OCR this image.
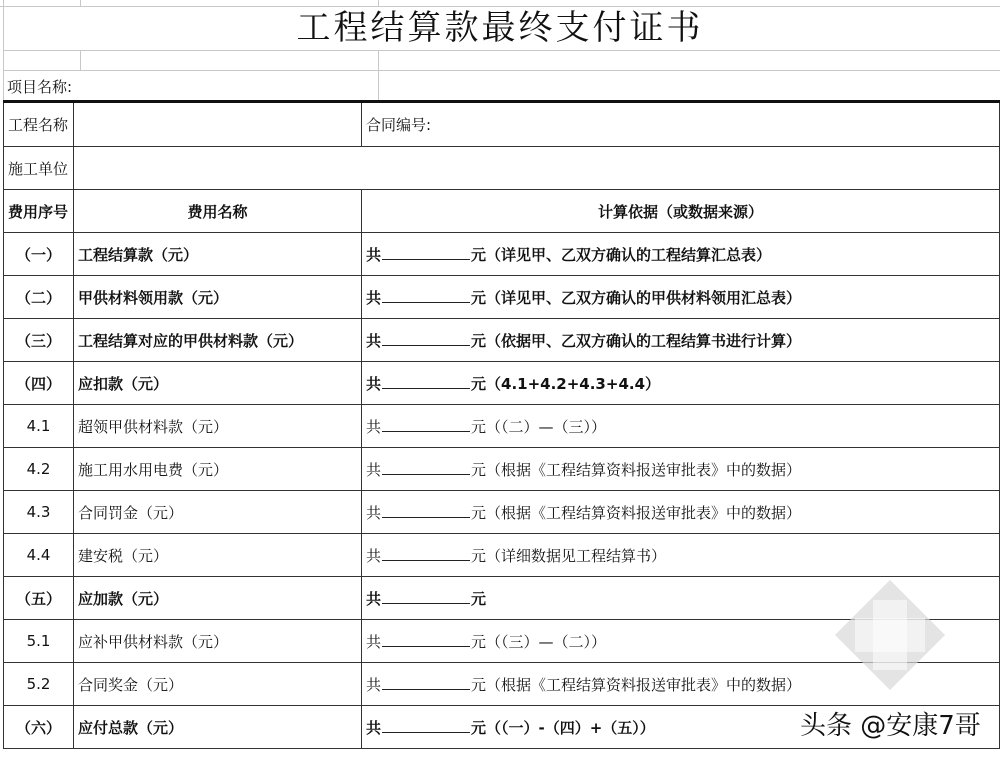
工程结算款最终支付证书
项目名称:
工程名称		合同编号:
施工单位		
费用序号	费用名称	计算依据（或数据来源）
（一）	工程结算款（元）	共 元（详见甲、乙双方确认的工程结算汇总表）
（二）	甲供材料领用款（元）	共 元（详见甲、乙双方确认的甲供材料领用汇总表）
（三）	工程结算对应的甲供材料款（元）	共 元（依据甲、乙双方确认的工程结算书进行计算）
（四）	应扣款（元）	共 元（4.1+4.2+4.3+4.4）
4.1	超领甲供材料款（元）	共 元（（二）—（三））
4.2	施工用水用电费（元）	共 元（根据《工程结算资料报送审批表》中的数据）
4.3	合同罚金（元）	共 元（根据《工程结算资料报送审批表》中的数据）
4.4	建安税（元）	共 元（详细数据见工程结算书）
（五）	应加款（元）	共 元
5.1	应补甲供材料款（元）	共 元（（三）—（二））
5.2	合同奖金（元）	共 元（根据《工程结算资料报送审批表》中的数据）
（六）	应付总款（元）	共 元（（一）-（四）+（五））	头条 @安康7哥
